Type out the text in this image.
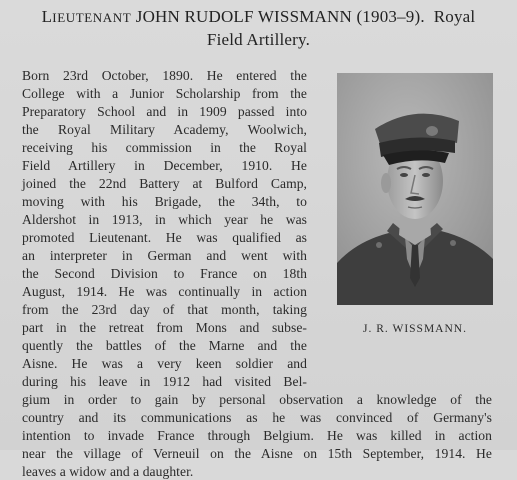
LIEUTENANT JOHN RUDOLF WISSMANN (1903–9). Royal
Field Artillery.
Born 23rd October, 1890. He entered the
College with a Junior Scholarship from the
Preparatory School and in 1909 passed into
the Royal Military Academy, Woolwich,
receiving his commission in the Royal
Field Artillery in December, 1910. He
joined the 22nd Battery at Bulford Camp,
moving with his Brigade, the 34th, to
Aldershot in 1913, in which year he was
promoted Lieutenant. He was qualified as
an interpreter in German and went with
the Second Division to France on 18th
August, 1914. He was continually in action
from the 23rd day of that month, taking
part in the retreat from Mons and subse-
quently the battles of the Marne and the
Aisne. He was a very keen soldier and
during his leave in 1912 had visited Bel-
gium in order to gain by personal observation a knowledge of the
country and its communications as he was convinced of Germany's
intention to invade France through Belgium. He was killed in action
near the village of Verneuil on the Aisne on 15th September, 1914. He
leaves a widow and a daughter.
J. R. WISSMANN.
